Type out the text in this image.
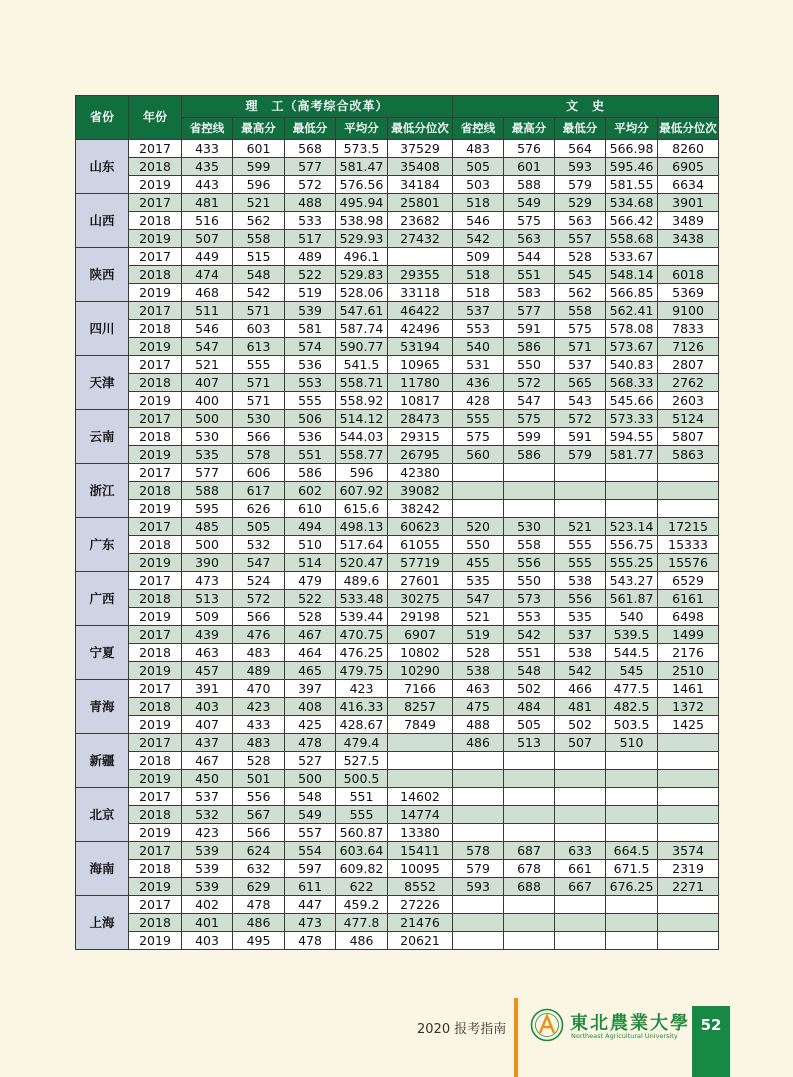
省份	年份	理　工（高考综合改革）					文　史				
		省控线	最高分	最低分	平均分	最低分位次	省控线	最高分	最低分	平均分	最低分位次
山东	2017	433	601	568	573.5	37529	483	576	564	566.98	8260
	2018	435	599	577	581.47	35408	505	601	593	595.46	6905
	2019	443	596	572	576.56	34184	503	588	579	581.55	6634
山西	2017	481	521	488	495.94	25801	518	549	529	534.68	3901
	2018	516	562	533	538.98	23682	546	575	563	566.42	3489
	2019	507	558	517	529.93	27432	542	563	557	558.68	3438
陕西	2017	449	515	489	496.1		509	544	528	533.67	
	2018	474	548	522	529.83	29355	518	551	545	548.14	6018
	2019	468	542	519	528.06	33118	518	583	562	566.85	5369
四川	2017	511	571	539	547.61	46422	537	577	558	562.41	9100
	2018	546	603	581	587.74	42496	553	591	575	578.08	7833
	2019	547	613	574	590.77	53194	540	586	571	573.67	7126
天津	2017	521	555	536	541.5	10965	531	550	537	540.83	2807
	2018	407	571	553	558.71	11780	436	572	565	568.33	2762
	2019	400	571	555	558.92	10817	428	547	543	545.66	2603
云南	2017	500	530	506	514.12	28473	555	575	572	573.33	5124
	2018	530	566	536	544.03	29315	575	599	591	594.55	5807
	2019	535	578	551	558.77	26795	560	586	579	581.77	5863
浙江	2017	577	606	586	596	42380					
	2018	588	617	602	607.92	39082					
	2019	595	626	610	615.6	38242					
广东	2017	485	505	494	498.13	60623	520	530	521	523.14	17215
	2018	500	532	510	517.64	61055	550	558	555	556.75	15333
	2019	390	547	514	520.47	57719	455	556	555	555.25	15576
广西	2017	473	524	479	489.6	27601	535	550	538	543.27	6529
	2018	513	572	522	533.48	30275	547	573	556	561.87	6161
	2019	509	566	528	539.44	29198	521	553	535	540	6498
宁夏	2017	439	476	467	470.75	6907	519	542	537	539.5	1499
	2018	463	483	464	476.25	10802	528	551	538	544.5	2176
	2019	457	489	465	479.75	10290	538	548	542	545	2510
青海	2017	391	470	397	423	7166	463	502	466	477.5	1461
	2018	403	423	408	416.33	8257	475	484	481	482.5	1372
	2019	407	433	425	428.67	7849	488	505	502	503.5	1425
新疆	2017	437	483	478	479.4		486	513	507	510	
	2018	467	528	527	527.5						
	2019	450	501	500	500.5						
北京	2017	537	556	548	551	14602					
	2018	532	567	549	555	14774					
	2019	423	566	557	560.87	13380					
海南	2017	539	624	554	603.64	15411	578	687	633	664.5	3574
	2018	539	632	597	609.82	10095	579	678	661	671.5	2319
	2019	539	629	611	622	8552	593	688	667	676.25	2271
上海	2017	402	478	447	459.2	27226					
	2018	401	486	473	477.8	21476					
	2019	403	495	478	486	20621					
2020 报考指南	東北農業大學
Northeast Agricultural University
52
